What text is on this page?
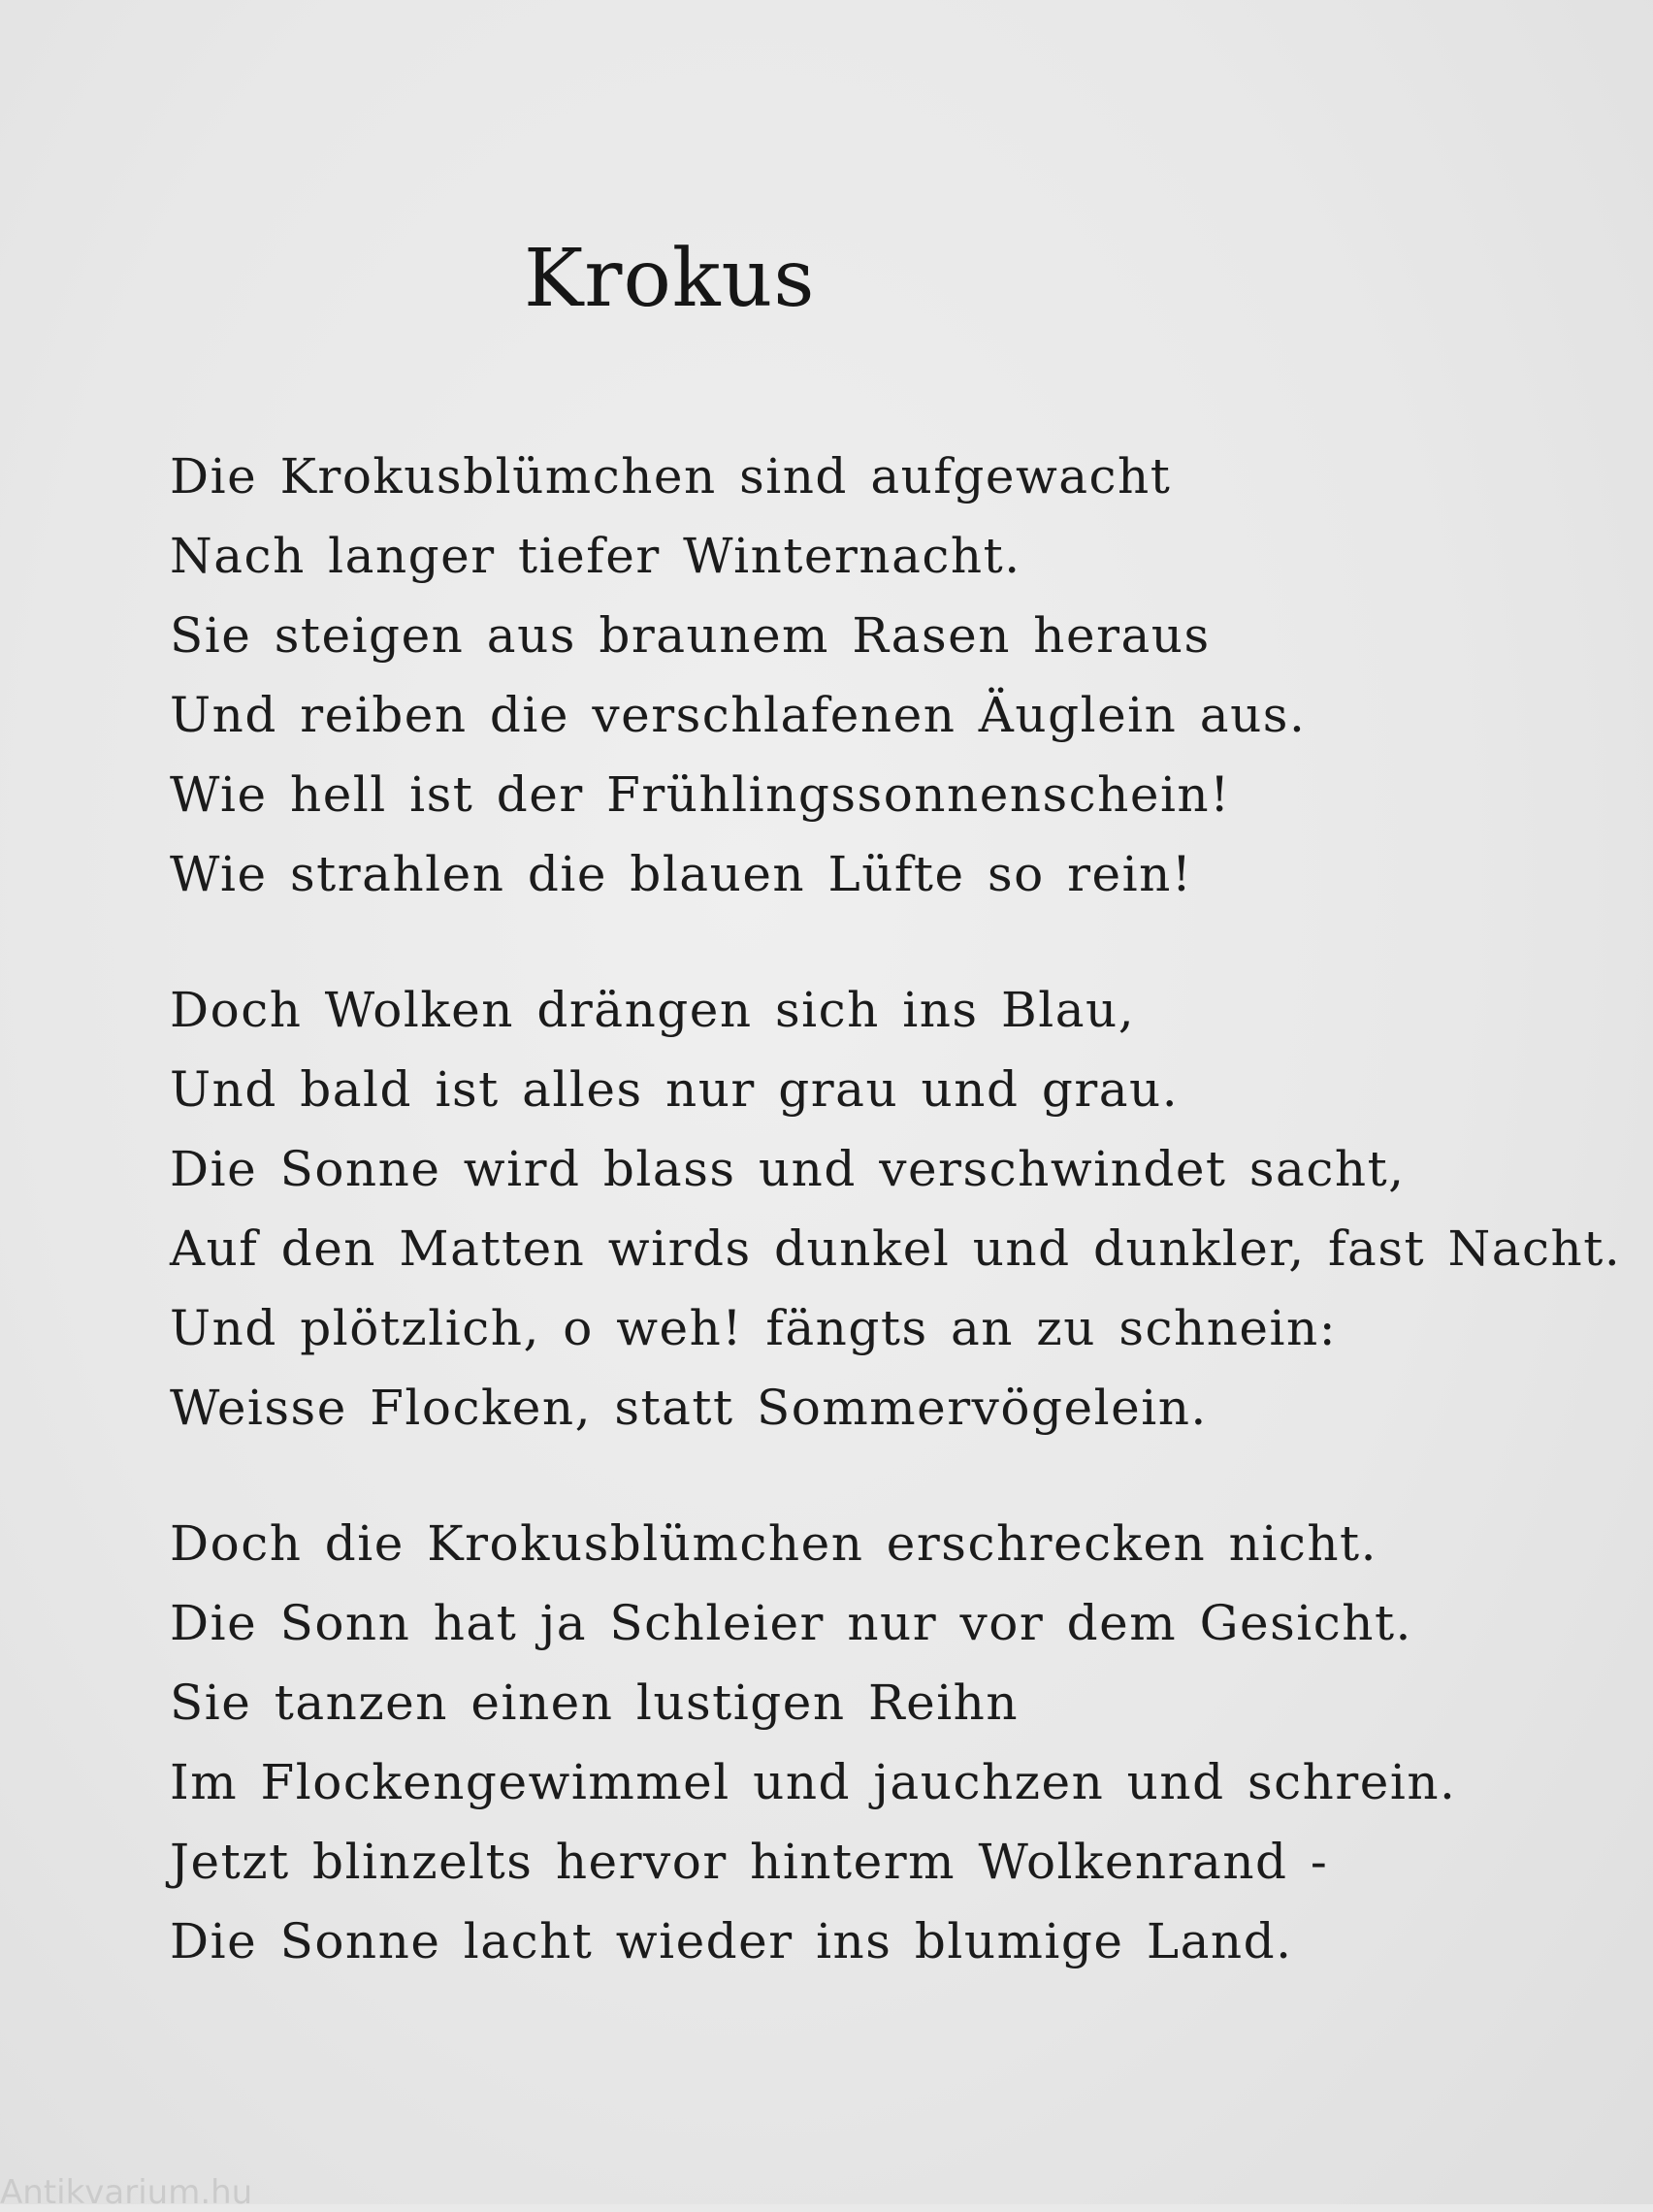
Krokus
Die Krokusblümchen sind aufgewacht
Nach langer tiefer Winternacht.
Sie steigen aus braunem Rasen heraus
Und reiben die verschlafenen Äuglein aus.
Wie hell ist der Frühlingssonnenschein!
Wie strahlen die blauen Lüfte so rein!
Doch Wolken drängen sich ins Blau,
Und bald ist alles nur grau und grau.
Die Sonne wird blass und verschwindet sacht,
Auf den Matten wirds dunkel und dunkler, fast Nacht.
Und plötzlich, o weh! fängts an zu schnein:
Weisse Flocken, statt Sommervögelein.
Doch die Krokusblümchen erschrecken nicht.
Die Sonn hat ja Schleier nur vor dem Gesicht.
Sie tanzen einen lustigen Reihn
Im Flockengewimmel und jauchzen und schrein.
Jetzt blinzelts hervor hinterm Wolkenrand -
Die Sonne lacht wieder ins blumige Land.
Antikvarium.hu
